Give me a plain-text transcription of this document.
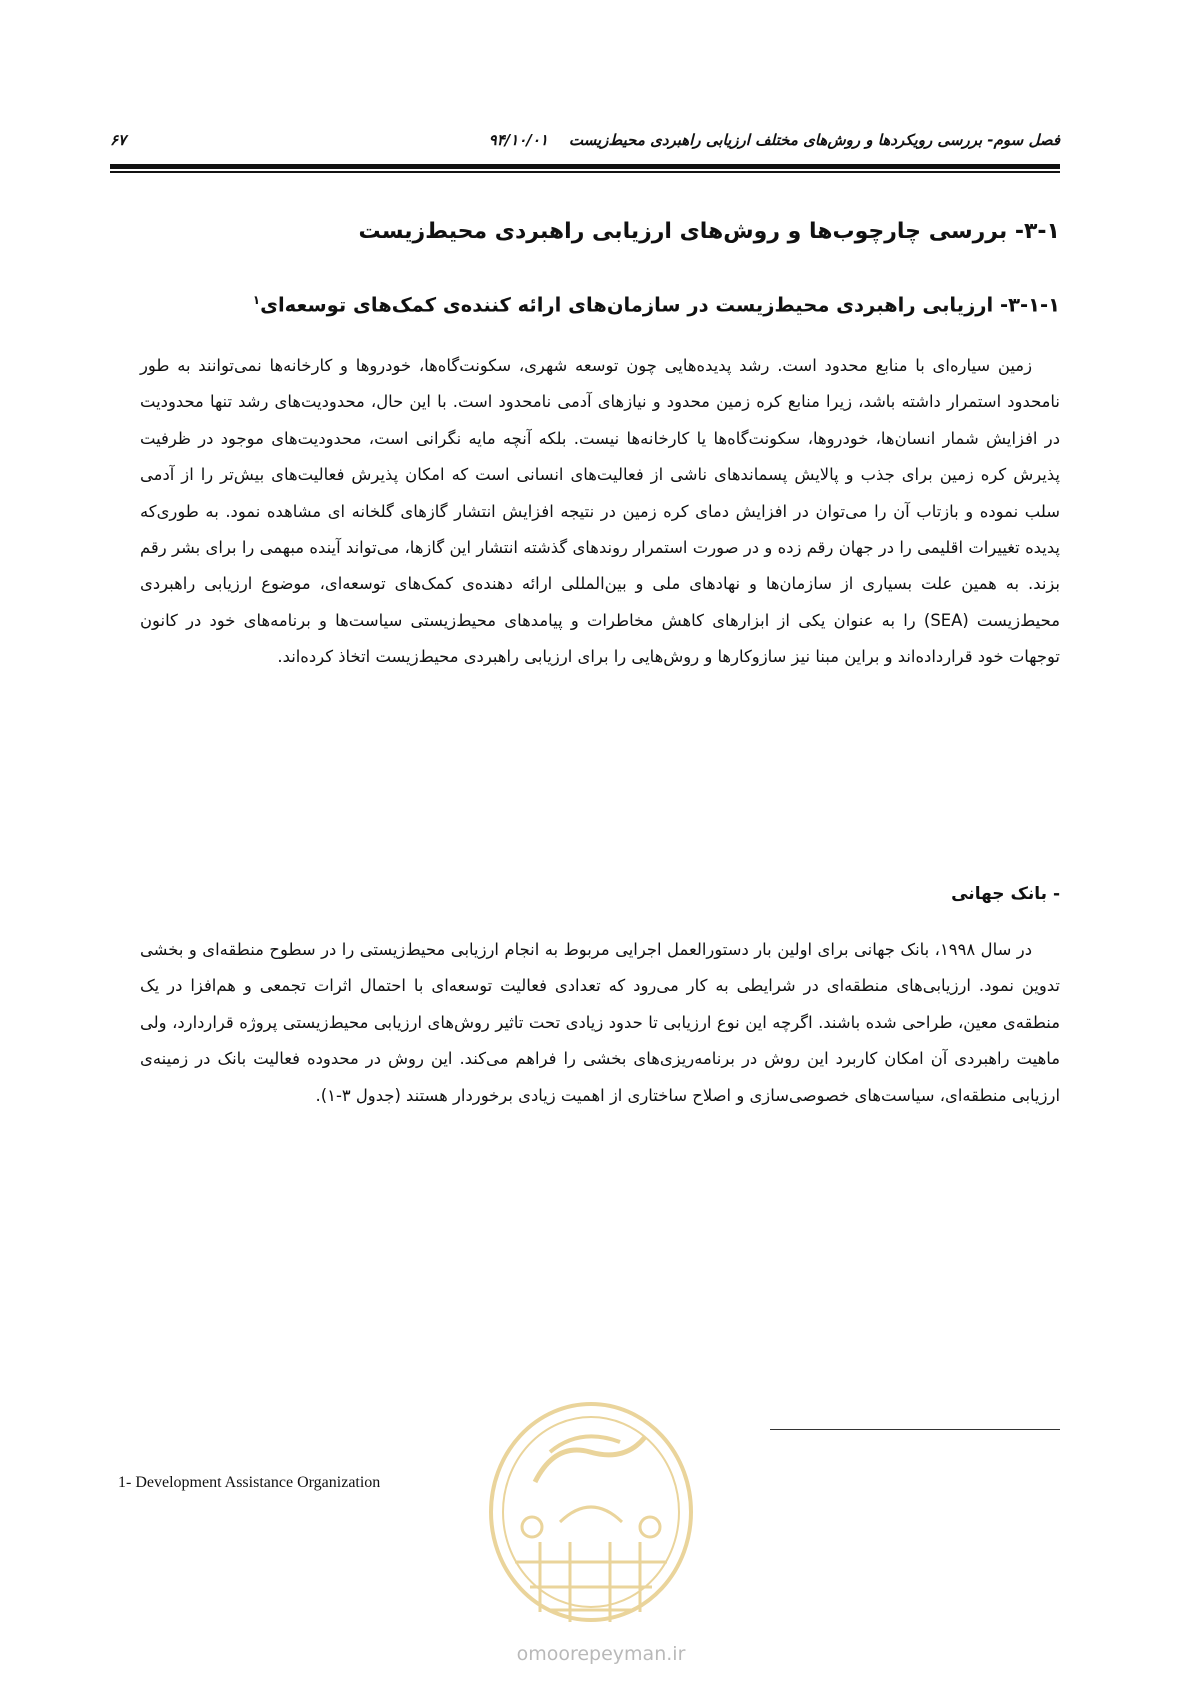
فصل سوم- بررسی رویکردها و روش‌های مختلف ارزیابی راهبردی محیط‌زیست    ۹۴/۱۰/۰۱
۶۷
۳-۱- بررسی چارچوب‌ها و روش‌های ارزیابی راهبردی محیط‌زیست
۳-۱-۱- ارزیابی راهبردی محیط‌زیست در سازمان‌های ارائه کننده‌ی کمک‌های توسعه‌ای$^۱$

زمین سیاره‌ای با منابع محدود است. رشد پدیده‌هایی چون توسعه شهری، سکونت‌گاه‌ها، خودروها و کارخانه‌ها نمی‌توانند به طور نامحدود استمرار داشته باشد، زیرا منابع کره زمین محدود و نیازهای آدمی نامحدود است. با این حال، محدودیت‌های رشد تنها محدودیت در افزایش شمار انسان‌ها، خودروها، سکونت‌گاه‌ها یا کارخانه‌ها نیست. بلکه آنچه مایه نگرانی است، محدودیت‌های موجود در ظرفیت پذیرش کره زمین برای جذب و پالایش پسماندهای ناشی از فعالیت‌های انسانی است که امکان پذیرش فعالیت‌های بیش‌تر را از آدمی سلب نموده و بازتاب آن را می‌توان در افزایش دمای کره زمین در نتیجه افزایش انتشار گازهای گلخانه ای مشاهده نمود. به طوری‌که پدیده تغییرات اقلیمی را در جهان رقم زده و در صورت استمرار روندهای گذشته انتشار این گازها، می‌تواند آینده مبهمی را برای بشر رقم بزند. به همین علت بسیاری از سازمان‌ها و نهادهای ملی و بین‌المللی ارائه دهنده‌ی کمک‌های توسعه‌ای، موضوع ارزیابی راهبردی محیط‌زیست (SEA) را به عنوان یکی از ابزارهای کاهش مخاطرات و پیامدهای محیط‌زیستی سیاست‌ها و برنامه‌های خود در کانون توجهات خود قرارداده‌اند و براین مبنا نیز سازوکارها و روش‌هایی را برای ارزیابی راهبردی محیط‌زیست اتخاذ کرده‌اند.

- بانک جهانی

در سال ۱۹۹۸، بانک جهانی برای اولین بار دستورالعمل اجرایی مربوط به انجام ارزیابی محیط‌زیستی را در سطوح منطقه‌ای و بخشی تدوین نمود. ارزیابی‌های منطقه‌ای در شرایطی به کار می‌رود که تعدادی فعالیت توسعه‌ای با احتمال اثرات تجمعی و هم‌افزا در یک منطقه‌ی معین، طراحی شده باشند. اگرچه این نوع ارزیابی تا حدود زیادی تحت تاثیر روش‌های ارزیابی محیط‌زیستی پروژه قراردارد، ولی ماهیت راهبردی آن امکان کاربرد این روش در برنامه‌ریزی‌های بخشی را فراهم می‌کند. این روش در محدوده فعالیت بانک در زمینه‌ی ارزیابی منطقه‌ای، سیاست‌های خصوصی‌سازی و اصلاح ساختاری از اهمیت زیادی برخوردار هستند (جدول ۳-۱).

1- Development Assistance Organization
omoorepeyman.ir
